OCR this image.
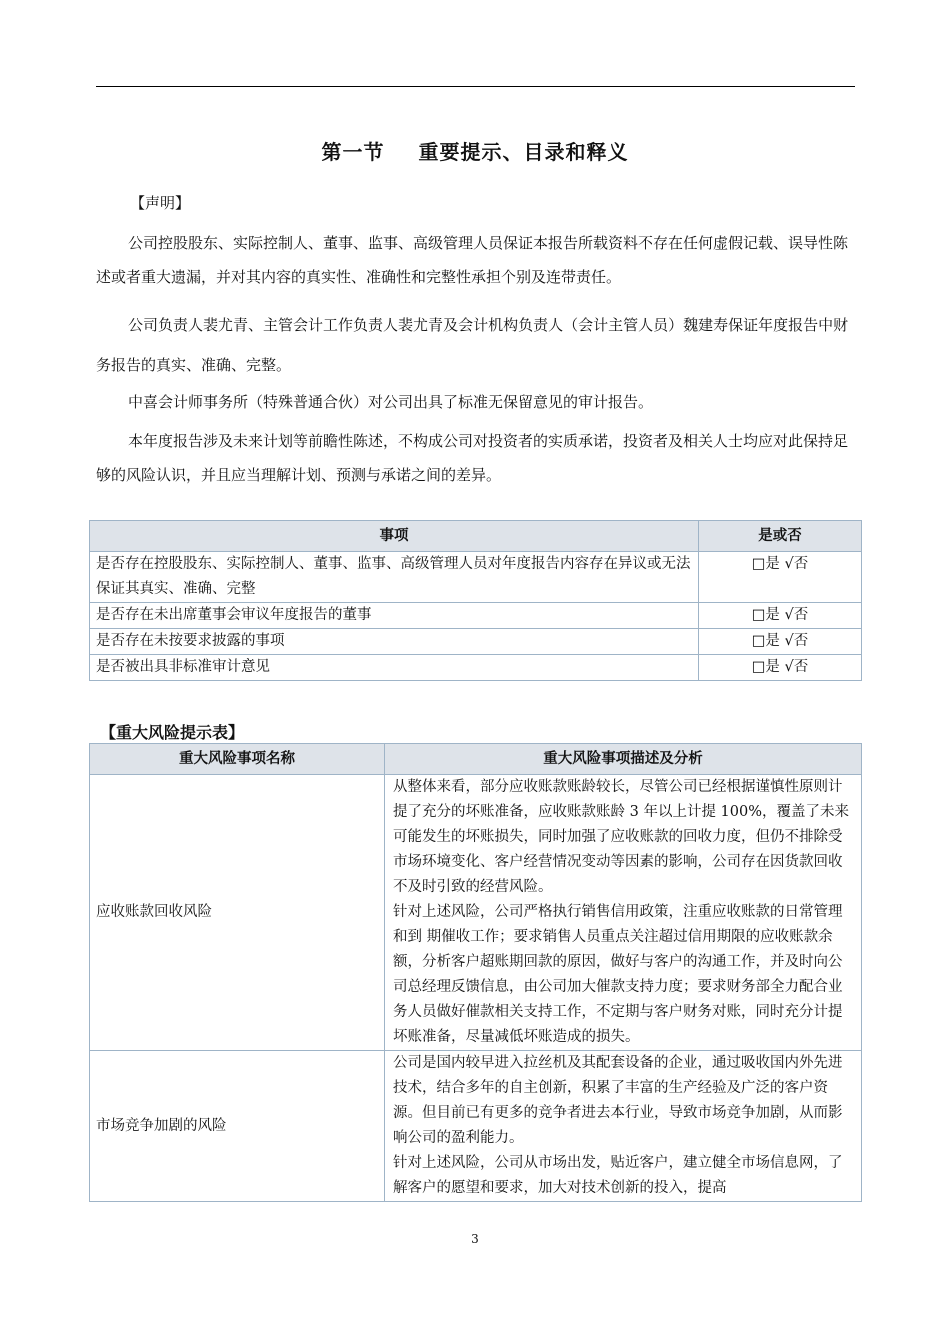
第一节 重要提示、目录和释义
【声明】
公司控股股东、实际控制人、董事、监事、高级管理人员保证本报告所载资料不存在任何虚假记载、误导性陈述或者重大遗漏，并对其内容的真实性、准确性和完整性承担个别及连带责任。
公司负责人裴尤青、主管会计工作负责人裴尤青及会计机构负责人（会计主管人员）魏建寿保证年度报告中财务报告的真实、准确、完整。
中喜会计师事务所（特殊普通合伙）对公司出具了标准无保留意见的审计报告。
本年度报告涉及未来计划等前瞻性陈述，不构成公司对投资者的实质承诺，投资者及相关人士均应对此保持足够的风险认识，并且应当理解计划、预测与承诺之间的差异。
事项	是或否
是否存在控股股东、实际控制人、董事、监事、高级管理人员对年度报告内容存在异议或无法保证其真实、准确、完整	□是 √否
是否存在未出席董事会审议年度报告的董事	□是 √否
是否存在未按要求披露的事项	□是 √否
是否被出具非标准审计意见	□是 √否
【重大风险提示表】
重大风险事项名称	重大风险事项描述及分析
应收账款回收风险	从整体来看，部分应收账款账龄较长，尽管公司已经根据谨慎性原则计提了充分的坏账准备，应收账款账龄 3 年以上计提 100%，覆盖了未来可能发生的坏账损失，同时加强了应收账款的回收力度，但仍不排除受市场环境变化、客户经营情况变动等因素的影响，公司存在因货款回收不及时引致的经营风险。
针对上述风险，公司严格执行销售信用政策，注重应收账款的日常管理和到 期催收工作；要求销售人员重点关注超过信用期限的应收账款余额，分析客户超账期回款的原因，做好与客户的沟通工作，并及时向公司总经理反馈信息，由公司加大催款支持力度；要求财务部全力配合业务人员做好催款相关支持工作，不定期与客户财务对账，同时充分计提坏账准备，尽量减低坏账造成的损失。

市场竞争加剧的风险	公司是国内较早进入拉丝机及其配套设备的企业，通过吸收国内外先进技术，结合多年的自主创新，积累了丰富的生产经验及广泛的客户资源。但目前已有更多的竞争者进去本行业，导致市场竞争加剧，从而影响公司的盈利能力。
针对上述风险，公司从市场出发，贴近客户，建立健全市场信息网，了解客户的愿望和要求，加大对技术创新的投入，提高
3
